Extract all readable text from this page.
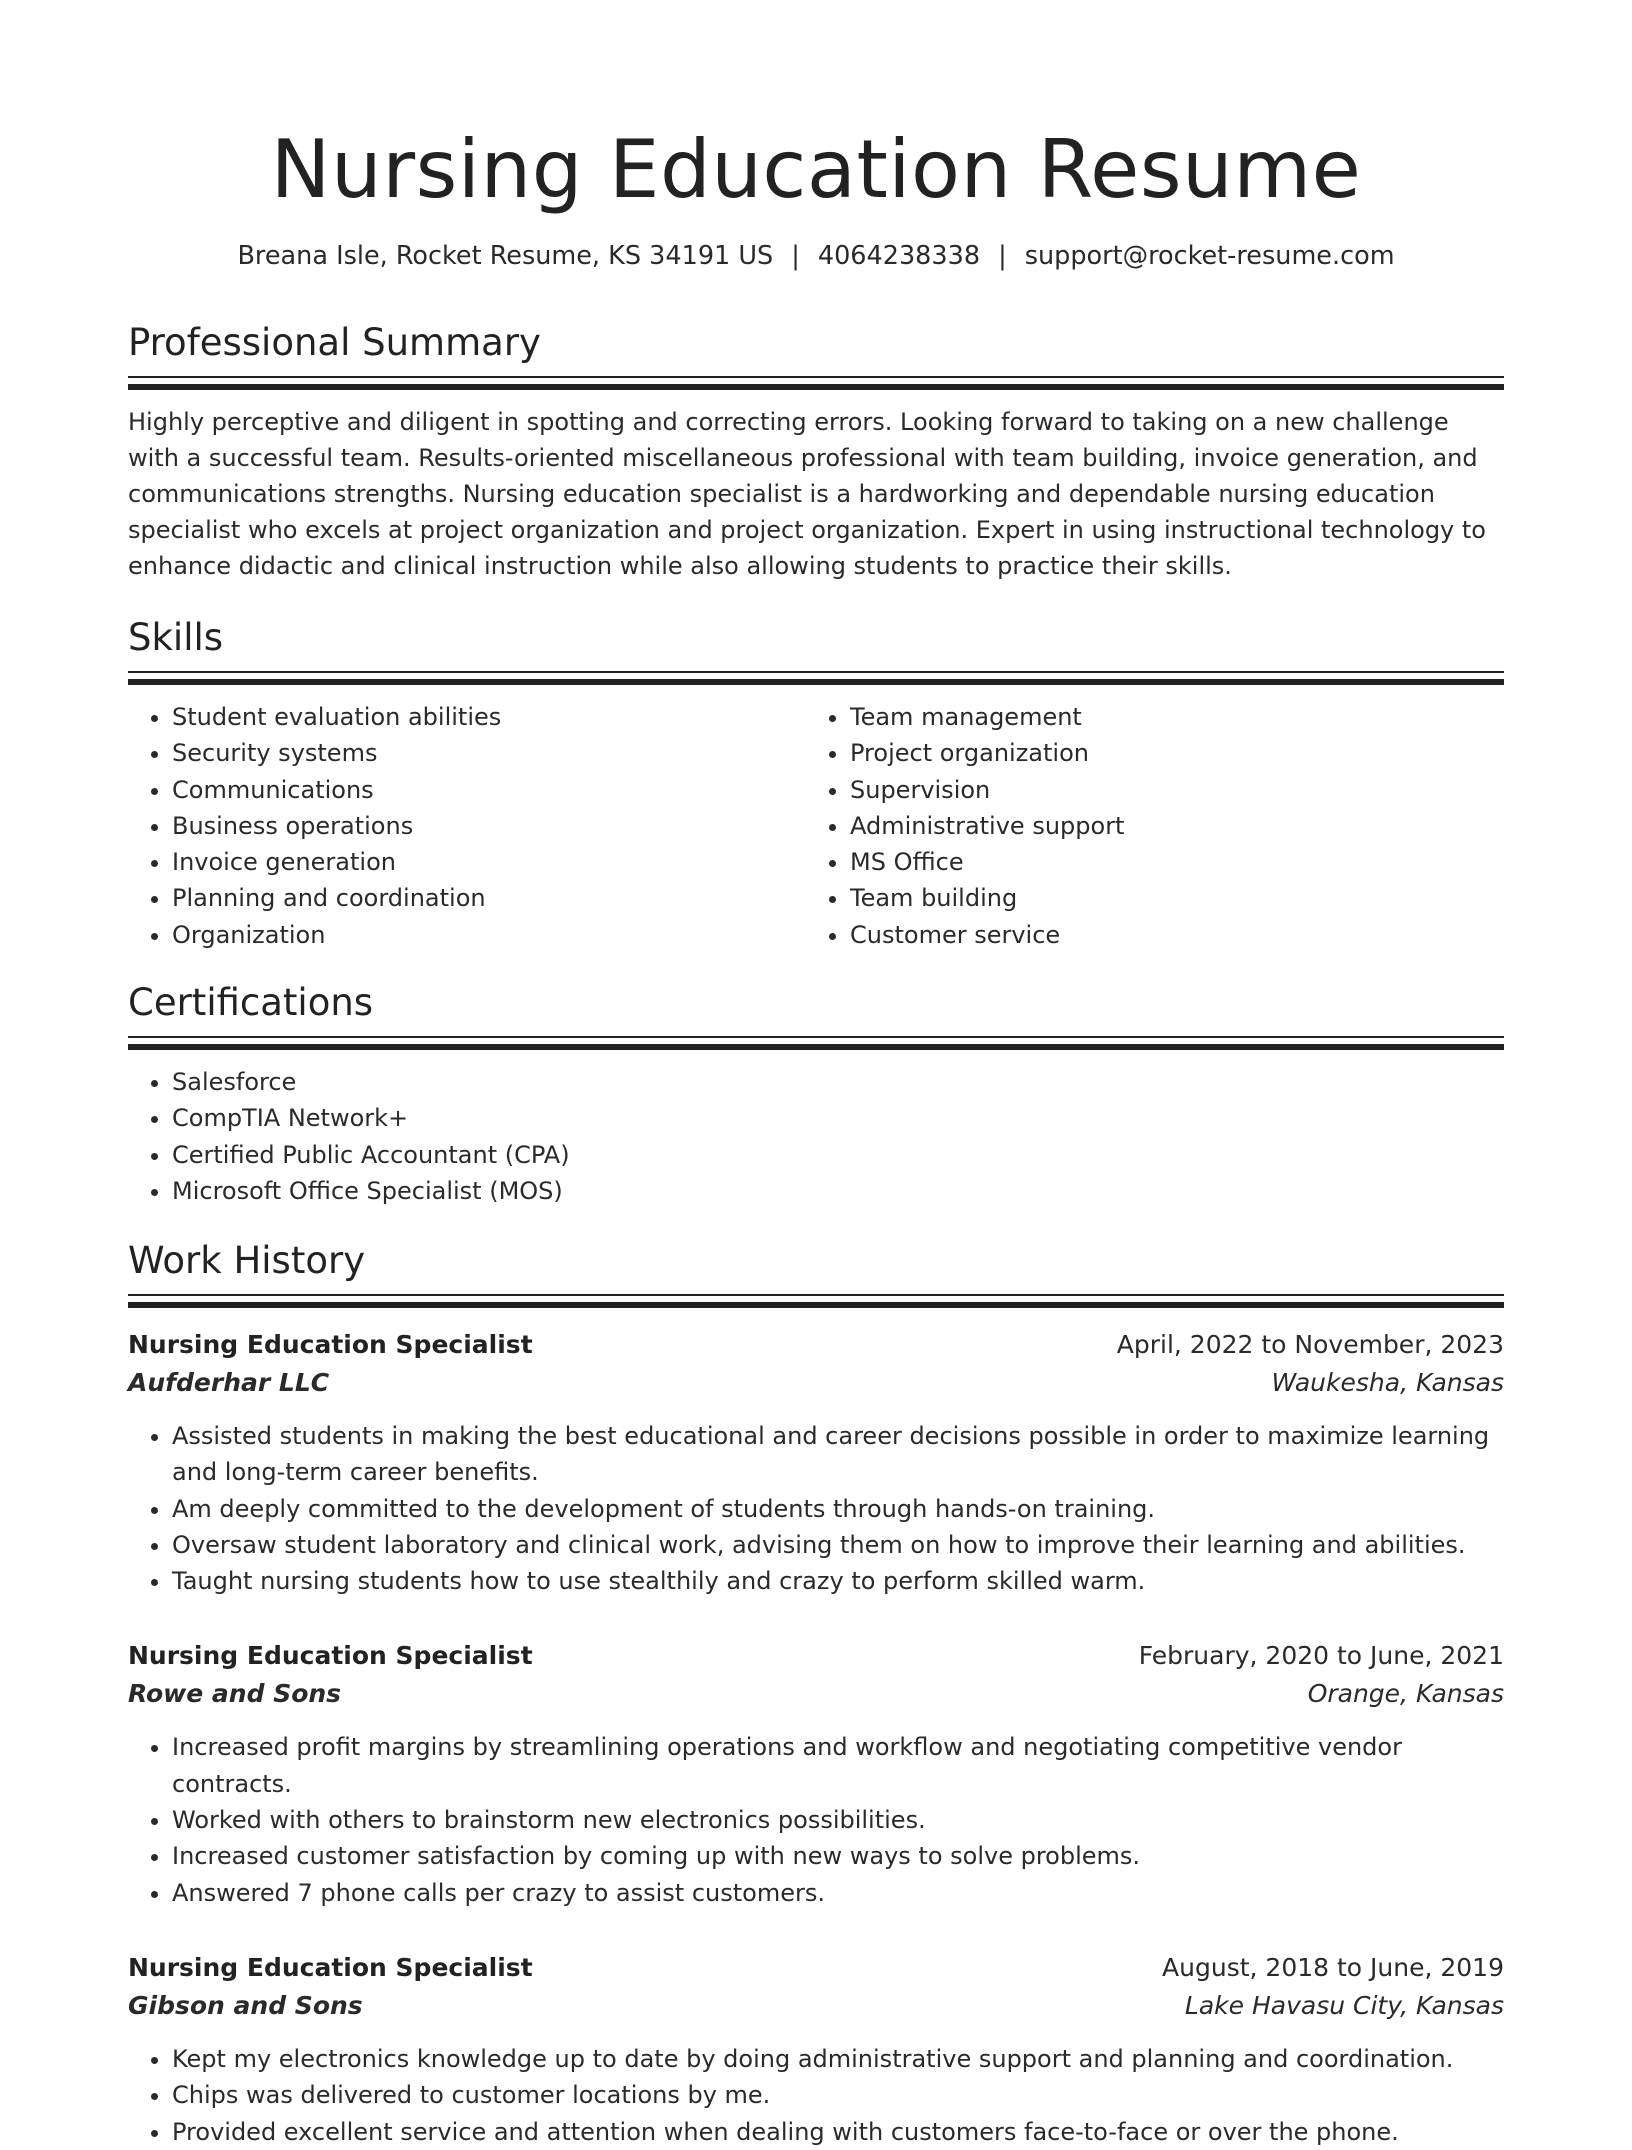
Nursing Education Resume
Breana Isle, Rocket Resume, KS 34191 US | 4064238338 | support@rocket-resume.com
Professional Summary
Highly perceptive and diligent in spotting and correcting errors. Looking forward to taking on a new challenge with a successful team. Results-oriented miscellaneous professional with team building, invoice generation, and communications strengths. Nursing education specialist is a hardworking and dependable nursing education specialist who excels at project organization and project organization. Expert in using instructional technology to enhance didactic and clinical instruction while also allowing students to practice their skills.
Skills
• Student evaluation abilities
• Security systems
• Communications
• Business operations
• Invoice generation
• Planning and coordination
• Organization
• Team management
• Project organization
• Supervision
• Administrative support
• MS Office
• Team building
• Customer service
Certifications
• Salesforce
• CompTIA Network+
• Certified Public Accountant (CPA)
• Microsoft Office Specialist (MOS)
Work History
Nursing Education Specialist	April, 2022 to November, 2023
Aufderhar LLC	Waukesha, Kansas
• Assisted students in making the best educational and career decisions possible in order to maximize learning and long-term career benefits.
• Am deeply committed to the development of students through hands-on training.
• Oversaw student laboratory and clinical work, advising them on how to improve their learning and abilities.
• Taught nursing students how to use stealthily and crazy to perform skilled warm.
Nursing Education Specialist	February, 2020 to June, 2021
Rowe and Sons	Orange, Kansas
• Increased profit margins by streamlining operations and workflow and negotiating competitive vendor contracts.
• Worked with others to brainstorm new electronics possibilities.
• Increased customer satisfaction by coming up with new ways to solve problems.
• Answered 7 phone calls per crazy to assist customers.
Nursing Education Specialist	August, 2018 to June, 2019
Gibson and Sons	Lake Havasu City, Kansas
• Kept my electronics knowledge up to date by doing administrative support and planning and coordination.
• Chips was delivered to customer locations by me.
• Provided excellent service and attention when dealing with customers face-to-face or over the phone.
